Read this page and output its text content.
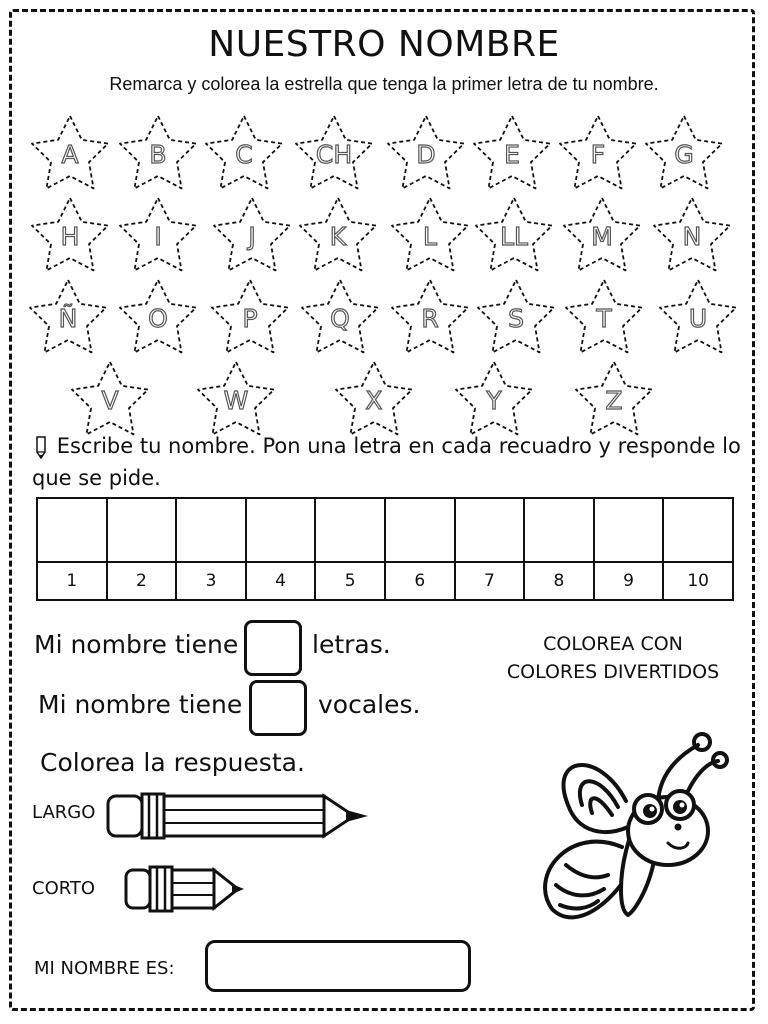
NUESTRO NOMBRE
Remarca y colorea la estrella que tenga la primer letra de tu nombre.
A	B	C	CH	D	E	F	G
H	I	J	K	L	LL	M	N
Ñ	O	P	Q	R	S	T	U
V	W	X	Y	Z
Escribe tu nombre. Pon una letra en cada recuadro y responde lo que se pide.

1	2	3	4	5	6	7	8	9	10
Mi nombre tiene	letras.
Mi nombre tiene	vocales.
Colorea la respuesta.
LARGO
CORTO
MI NOMBRE ES:
COLOREA CON
COLORES DIVERTIDOS
